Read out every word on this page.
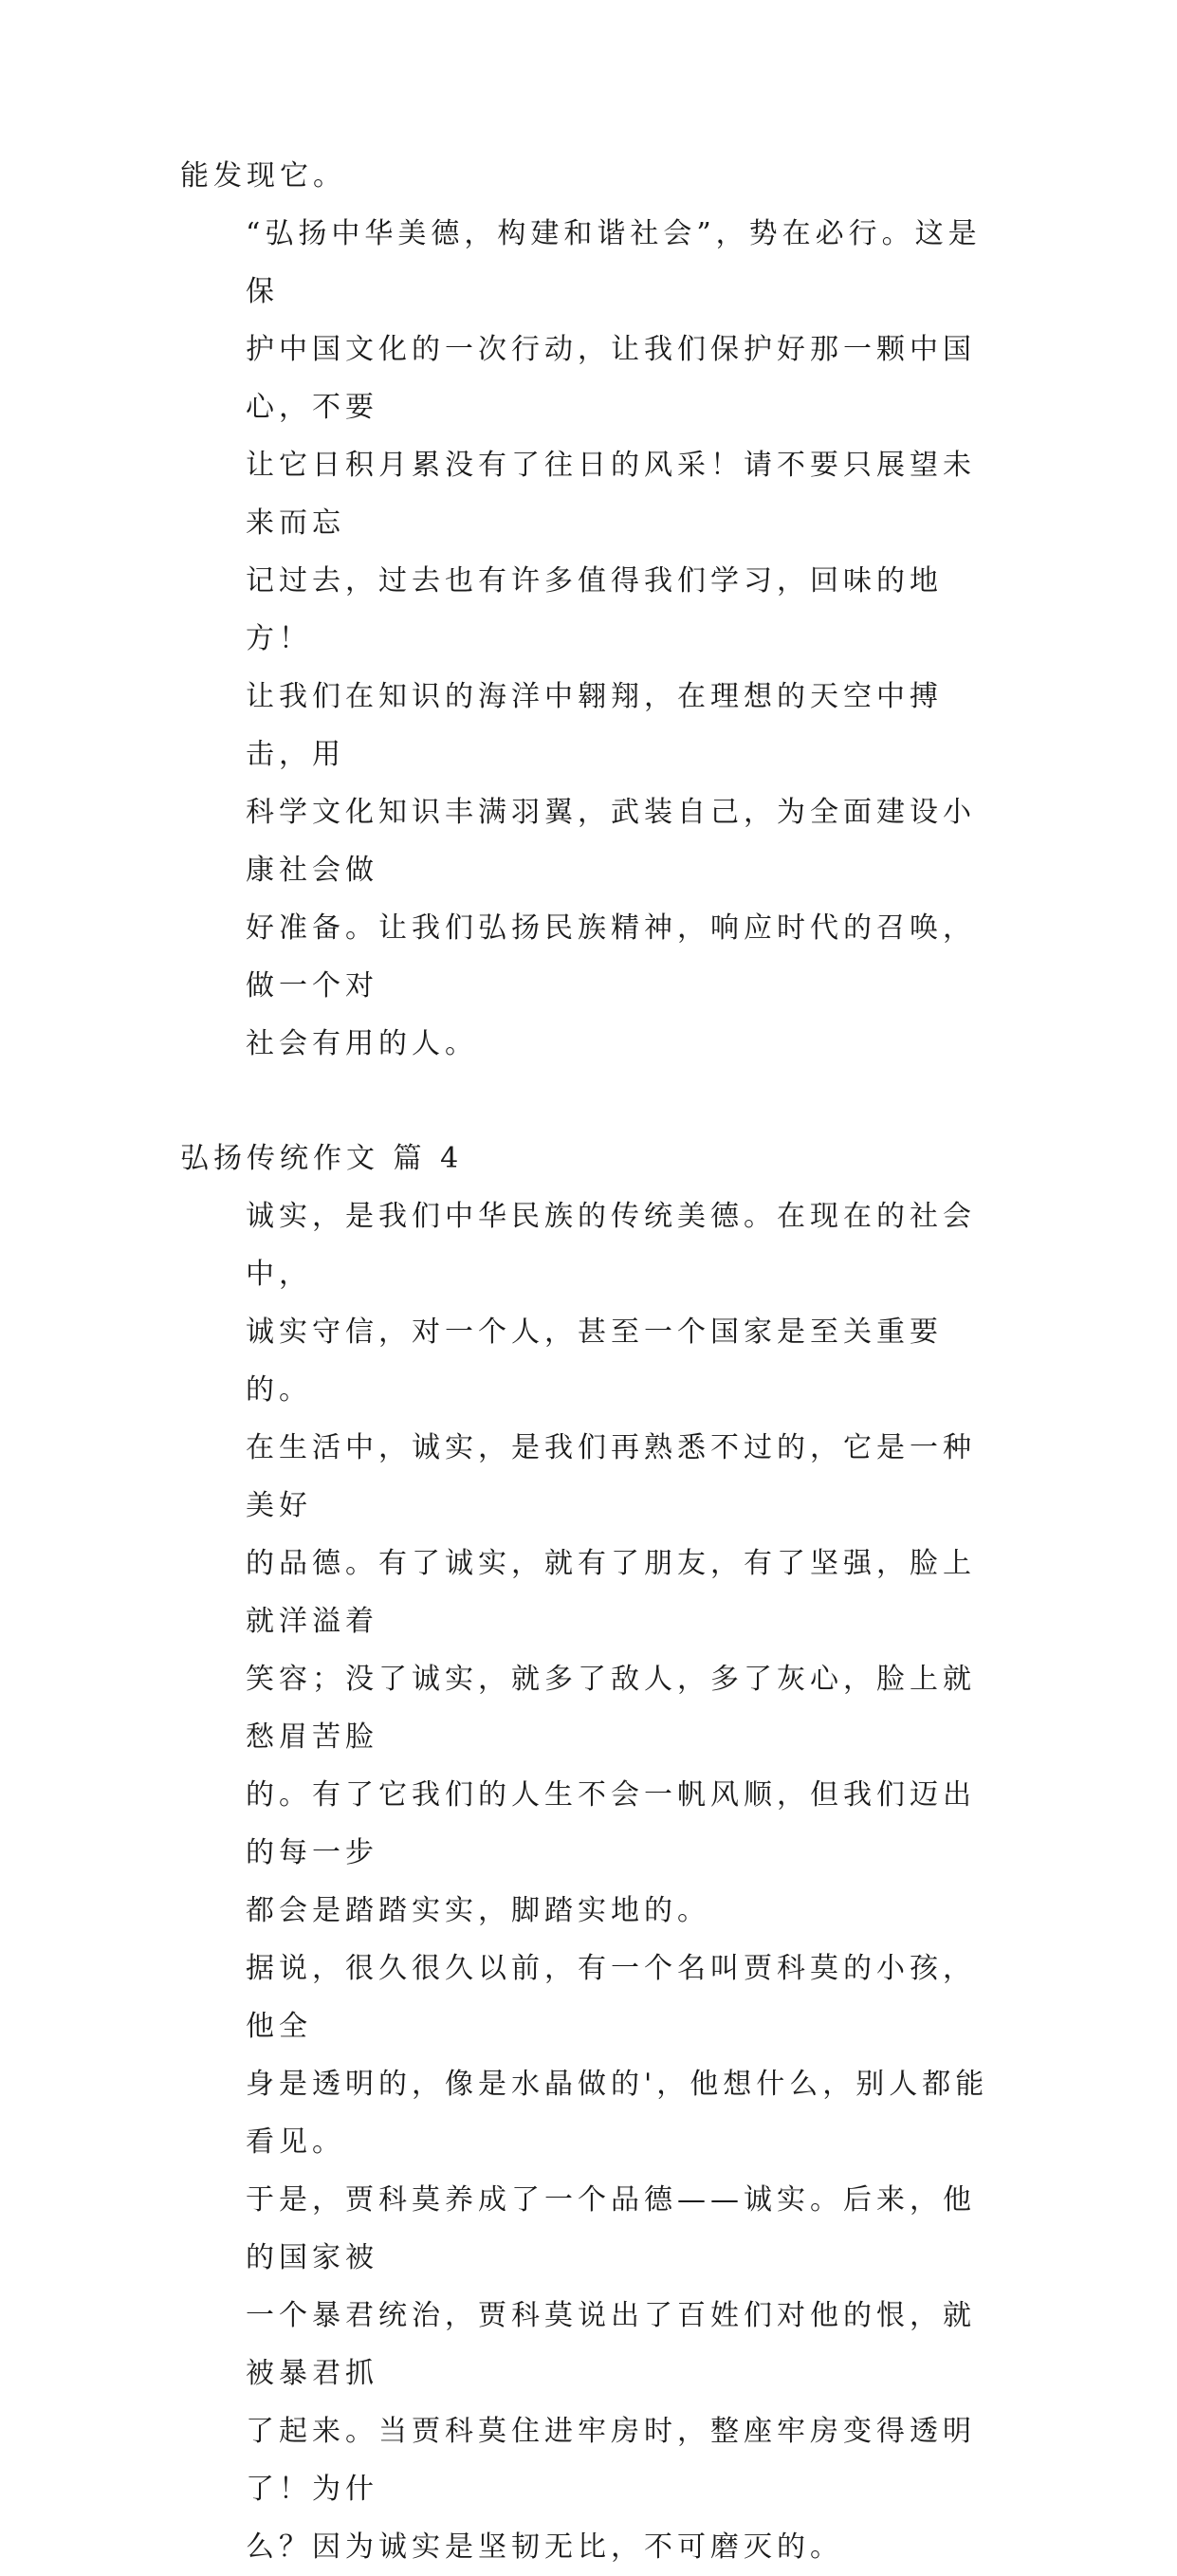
能发现它。

“弘扬中华美德，构建和谐社会”，势在必行。这是保
护中国文化的一次行动，让我们保护好那一颗中国心，不要
让它日积月累没有了往日的风采！请不要只展望未来而忘
记过去，过去也有许多值得我们学习，回味的地方！

让我们在知识的海洋中翱翔，在理想的天空中搏击，用
科学文化知识丰满羽翼，武装自己，为全面建设小康社会做
好准备。让我们弘扬民族精神，响应时代的召唤，做一个对
社会有用的人。

弘扬传统作文 篇 4

诚实，是我们中华民族的传统美德。在现在的社会中，
诚实守信，对一个人，甚至一个国家是至关重要的。

在生活中，诚实，是我们再熟悉不过的，它是一种美好
的品德。有了诚实，就有了朋友，有了坚强，脸上就洋溢着
笑容；没了诚实，就多了敌人，多了灰心，脸上就愁眉苦脸
的。有了它我们的人生不会一帆风顺，但我们迈出的每一步
都会是踏踏实实，脚踏实地的。

据说，很久很久以前，有一个名叫贾科莫的小孩，他全
身是透明的，像是水晶做的'，他想什么，别人都能看见。
于是，贾科莫养成了一个品德——诚实。后来，他的国家被
一个暴君统治，贾科莫说出了百姓们对他的恨，就被暴君抓
了起来。当贾科莫住进牢房时，整座牢房变得透明了！为什
么？因为诚实是坚韧无比，不可磨灭的。
